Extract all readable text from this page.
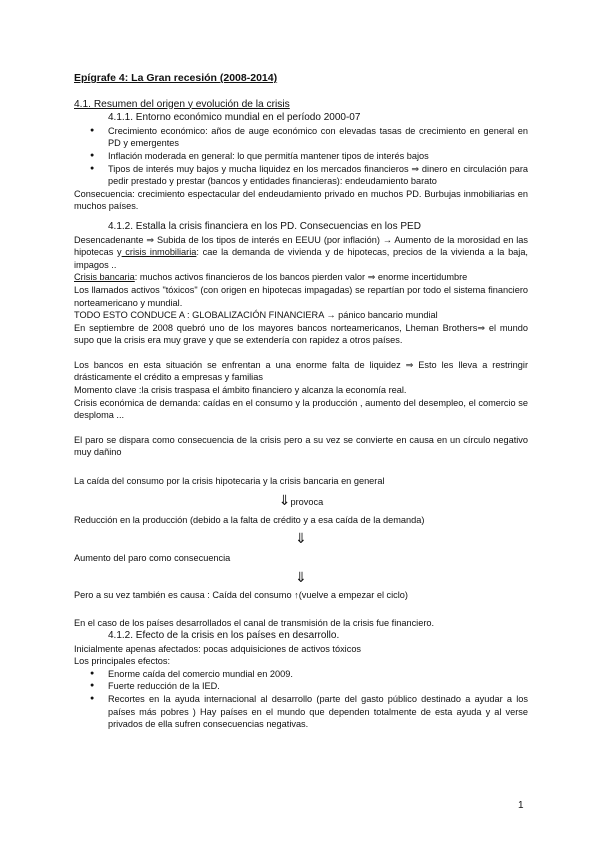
Epígrafe 4: La Gran recesión (2008-2014)
4.1. Resumen del origen y evolución de la crisis
4.1.1. Entorno económico mundial en el período 2000-07
● Crecimiento económico: años de auge económico con elevadas tasas de crecimiento en general en PD y emergentes
● Inflación moderada en general: lo que permitía mantener tipos de interés bajos
● Tipos de interés muy bajos y mucha liquidez en los mercados financieros ⇒ dinero en circulación para pedir prestado y prestar (bancos y entidades financieras): endeudamiento barato

Consecuencia: crecimiento espectacular del endeudamiento privado en muchos PD. Burbujas inmobiliarias en muchos países.

4.1.2. Estalla la crisis financiera en los PD. Consecuencias en los PED

Desencadenante ⇒ Subida de los tipos de interés en EEUU (por inflación) → Aumento de la morosidad en las hipotecas y crisis inmobiliaria: cae la demanda de vivienda y de hipotecas, precios de la vivienda a la baja, impagos ..

Crisis bancaria: muchos activos financieros de los bancos pierden valor ⇒ enorme incertidumbre

Los llamados activos "tóxicos" (con origen en hipotecas impagadas) se repartían por todo el sistema financiero norteamericano y mundial.

TODO ESTO CONDUCE A : GLOBALIZACIÓN FINANCIERA → pánico bancario mundial

En septiembre de 2008 quebró uno de los mayores bancos norteamericanos, Lheman Brothers⇒ el mundo supo que la crisis era muy grave y que se extendería con rapidez a otros países.

Los bancos en esta situación se enfrentan a una enorme falta de liquidez ⇒ Esto les lleva a restringir drásticamente el crédito a empresas y familias

Momento clave :la crisis traspasa el ámbito financiero y alcanza la economía real.

Crisis económica de demanda: caídas en el consumo y la producción , aumento del desempleo, el comercio se desploma ...

El paro se dispara como consecuencia de la crisis pero a su vez se convierte en causa en un círculo negativo muy dañino

La caída del consumo por la crisis hipotecaria y la crisis bancaria en general

⇓provoca

Reducción en la producción (debido a la falta de crédito y a esa caída de la demanda)

⇓

Aumento del paro como consecuencia

⇓

Pero a su vez también es causa : Caída del consumo ↑(vuelve a empezar el ciclo)

En el caso de los países desarrollados el canal de transmisión de la crisis fue financiero.

4.1.2. Efecto de la crisis en los países en desarrollo.

Inicialmente apenas afectados: pocas adquisiciones de activos tóxicos

Los principales efectos:

● Enorme caída del comercio mundial en 2009.
● Fuerte reducción de la IED.
● Recortes en la ayuda internacional al desarrollo (parte del gasto público destinado a ayudar a los países más pobres ) Hay países en el mundo que dependen totalmente de esta ayuda y al verse privados de ella sufren consecuencias negativas.
1
